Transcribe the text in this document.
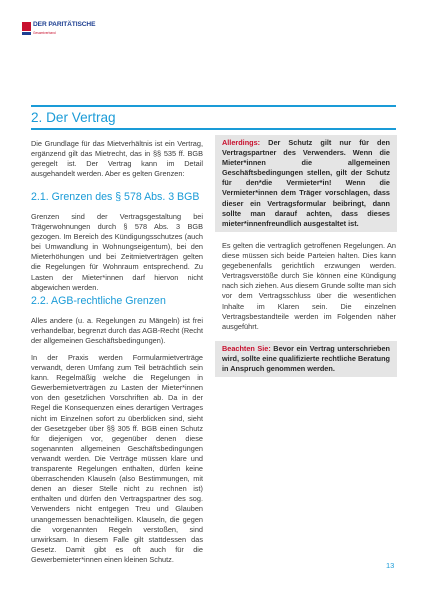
DER PARITÄTISCHE
Gesamtverband
2. Der Vertrag

Die Grundlage für das Mietverhältnis ist ein Vertrag, ergänzend gilt das Mietrecht, das in §§ 535 ff. BGB geregelt ist. Der Vertrag kann im Detail ausgehandelt werden. Aber es gelten Grenzen:

2.1. Grenzen des § 578 Abs. 3 BGB

Grenzen sind der Vertragsgestaltung bei Trägerwohnungen durch § 578 Abs. 3 BGB gezogen. Im Bereich des Kündigungsschutzes (auch bei Umwandlung in Wohnungseigentum), bei den Mieterhöhungen und bei Zeitmietverträgen gelten die Regelungen für Wohnraum entsprechend. Zu Lasten der Mieter*innen darf hiervon nicht abgewichen werden.

2.2. AGB-rechtliche Grenzen

Alles andere (u. a. Regelungen zu Mängeln) ist frei verhandelbar, begrenzt durch das AGB-Recht (Recht der allgemeinen Geschäftsbedingungen).

In der Praxis werden Formularmietverträge verwandt, deren Umfang zum Teil beträchtlich sein kann. Regelmäßig welche die Regelungen in Gewerbemietverträgen zu Lasten der Mieter*innen von den gesetzlichen Vorschriften ab. Da in der Regel die Konsequenzen eines derartigen Vertrages nicht im Einzelnen sofort zu überblicken sind, sieht der Gesetzgeber über §§ 305 ff. BGB einen Schutz für diejenigen vor, gegenüber denen diese sogenannten allgemeinen Geschäftsbedingungen verwandt werden. Die Verträge müssen klare und transparente Regelungen enthalten, dürfen keine überraschenden Klauseln (also Bestimmungen, mit denen an dieser Stelle nicht zu rechnen ist) enthalten und dürfen den Vertragspartner des sog. Verwenders nicht entgegen Treu und Glauben unangemessen benachteiligen. Klauseln, die gegen die vorgenannten Regeln verstoßen, sind unwirksam. In diesem Falle gilt stattdessen das Gesetz. Damit gibt es oft auch für die Gewerbemieter*innen einen kleinen Schutz.

Allerdings: Der Schutz gilt nur für den Vertragspartner des Verwenders. Wenn die Mieter*innen die allgemeinen Geschäftsbedingungen stellen, gilt der Schutz für den*die Vermieter*in! Wenn die Vermieter*innen dem Träger vorschlagen, dass dieser ein Vertragsformular beibringt, dann sollte man darauf achten, dass dieses mieter*innenfreundlich ausgestaltet ist.

Es gelten die vertraglich getroffenen Regelungen. An diese müssen sich beide Parteien halten. Dies kann gegebenenfalls gerichtlich erzwungen werden. Vertragsverstöße durch Sie können eine Kündigung nach sich ziehen. Aus diesem Grunde sollte man sich vor dem Vertragsschluss über die wesentlichen Inhalte im Klaren sein. Die einzelnen Vertragsbestandteile werden im Folgenden näher ausgeführt.

Beachten Sie: Bevor ein Vertrag unterschrieben wird, sollte eine qualifizierte rechtliche Beratung in Anspruch genommen werden.

13
